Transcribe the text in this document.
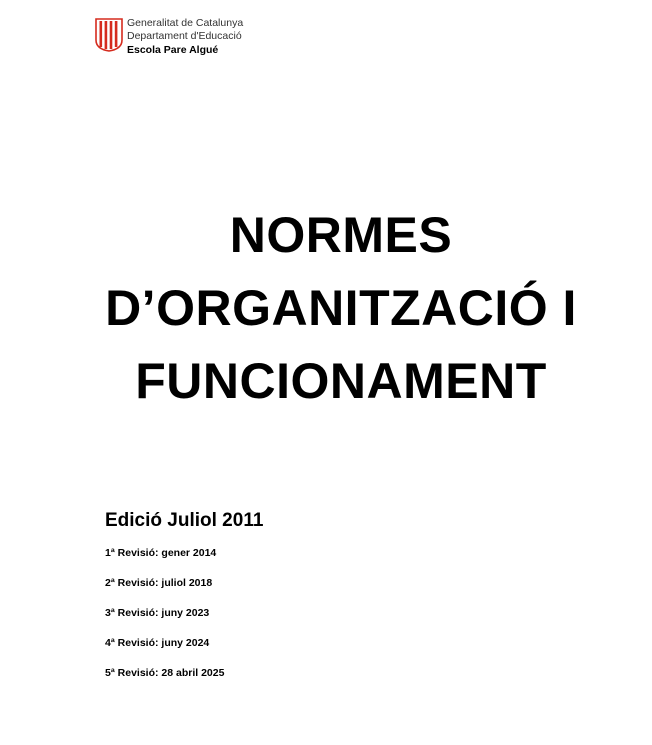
Generalitat de Catalunya
Departament d'Educació
Escola Pare Algué
NORMES
D’ORGANITZACIÓ I
FUNCIONAMENT
Edició Juliol 2011
1ª Revisió: gener 2014
2ª Revisió: juliol 2018
3ª Revisió: juny 2023
4ª Revisió: juny 2024
5ª Revisió: 28 abril 2025
